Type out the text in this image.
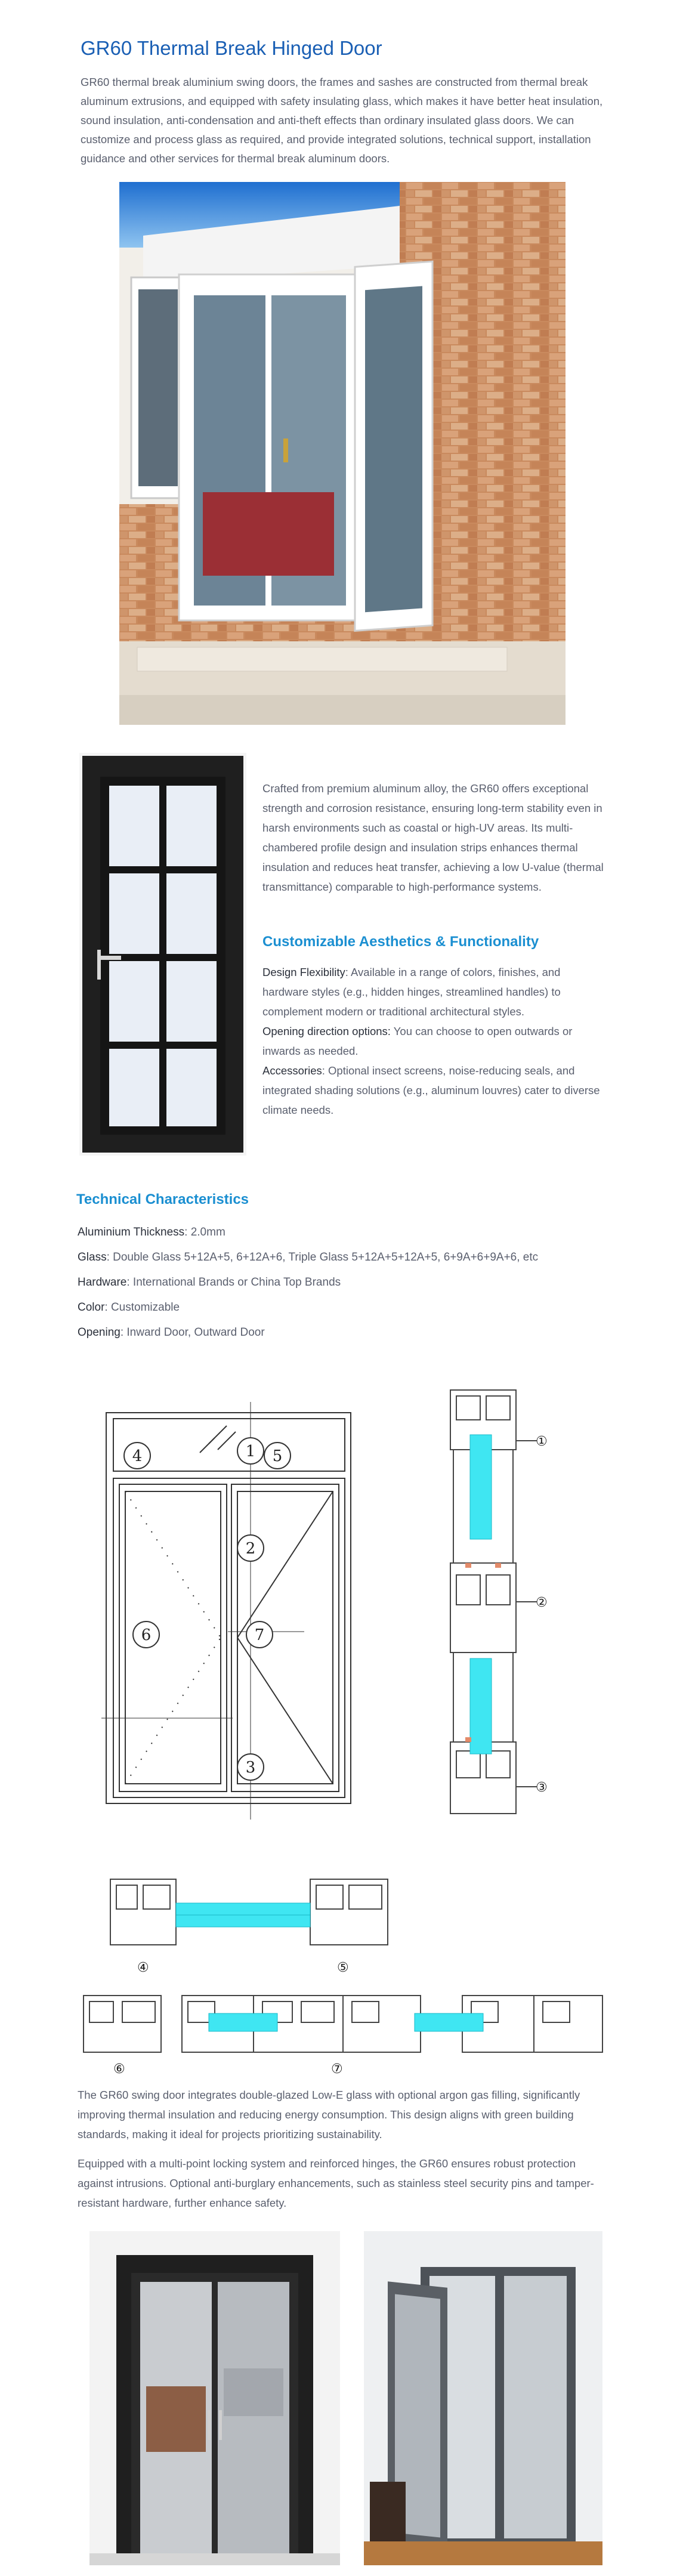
GR60 Thermal Break Hinged Door

GR60 thermal break aluminium swing doors, the frames and sashes are constructed from thermal break aluminum extrusions, and equipped with safety insulating glass, which makes it have better heat insulation, sound insulation, anti-condensation and anti-theft effects than ordinary insulated glass doors. We can customize and process glass as required, and provide integrated solutions, technical support, installation guidance and other services for thermal break aluminum doors.

Crafted from premium aluminum alloy, the GR60 offers exceptional strength and corrosion resistance, ensuring long-term stability even in harsh environments such as coastal or high-UV areas. Its multi-chambered profile design and insulation strips enhances thermal insulation and reduces heat transfer, achieving a low U-value (thermal transmittance) comparable to high-performance systems.

Customizable Aesthetics & Functionality
Design Flexibility: Available in a range of colors, finishes, and hardware styles (e.g., hidden hinges, streamlined handles) to complement modern or traditional architectural styles.
Opening direction options: You can choose to open outwards or inwards as needed.
Accessories: Optional insect screens, noise-reducing seals, and integrated shading solutions (e.g., aluminum louvres) cater to diverse climate needs.
Technical Characteristics
Aluminium Thickness: 2.0mm
Glass: Double Glass 5+12A+5, 6+12A+6, Triple Glass 5+12A+5+12A+5, 6+9A+6+9A+6, etc
Hardware: International Brands or China Top Brands
Color: Customizable
Opening: Inward Door, Outward Door
4	1 5
2
6	7
3
①
②
③
④	⑤
⑥	⑦

The GR60 swing door integrates double-glazed Low-E glass with optional argon gas filling, significantly improving thermal insulation and reducing energy consumption. This design aligns with green building standards, making it ideal for projects prioritizing sustainability.

Equipped with a multi-point locking system and reinforced hinges, the GR60 ensures robust protection against intrusions. Optional anti-burglary enhancements, such as stainless steel security pins and tamper-resistant hardware, further enhance safety.
